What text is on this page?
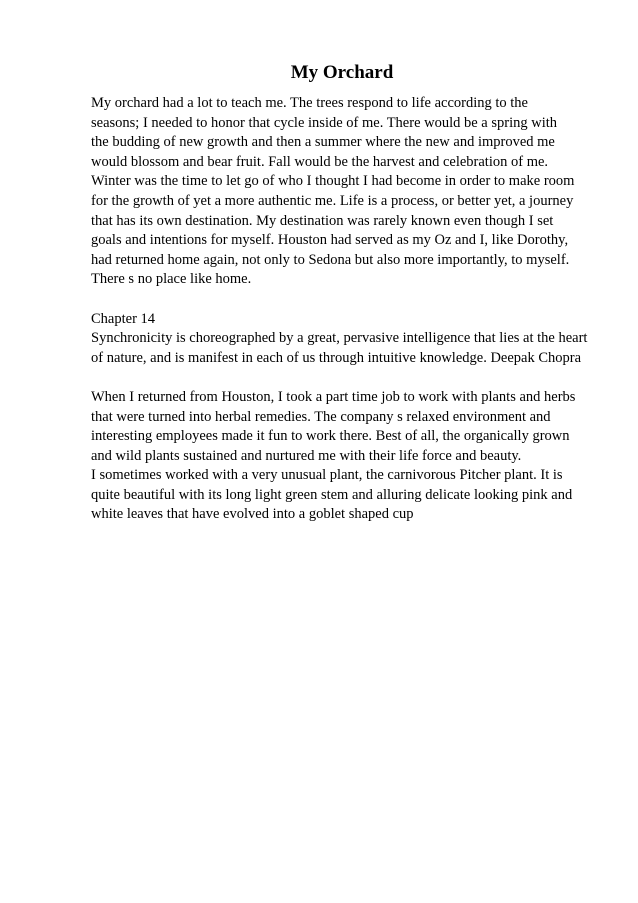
My Orchard
My orchard had a lot to teach me. The trees respond to life according to the
seasons; I needed to honor that cycle inside of me. There would be a spring with
the budding of new growth and then a summer where the new and improved me
would blossom and bear fruit. Fall would be the harvest and celebration of me.
Winter was the time to let go of who I thought I had become in order to make room
for the growth of yet a more authentic me. Life is a process, or better yet, a journey
that has its own destination. My destination was rarely known even though I set
goals and intentions for myself. Houston had served as my Oz and I, like Dorothy,
had returned home again, not only to Sedona but also more importantly, to myself.
There s no place like home.
Chapter 14
Synchronicity is choreographed by a great, pervasive intelligence that lies at the heart
of nature, and is manifest in each of us through intuitive knowledge. Deepak Chopra
When I returned from Houston, I took a part time job to work with plants and herbs
that were turned into herbal remedies. The company s relaxed environment and
interesting employees made it fun to work there. Best of all, the organically grown
and wild plants sustained and nurtured me with their life force and beauty.
I sometimes worked with a very unusual plant, the carnivorous Pitcher plant. It is
quite beautiful with its long light green stem and alluring delicate looking pink and
white leaves that have evolved into a goblet shaped cup
